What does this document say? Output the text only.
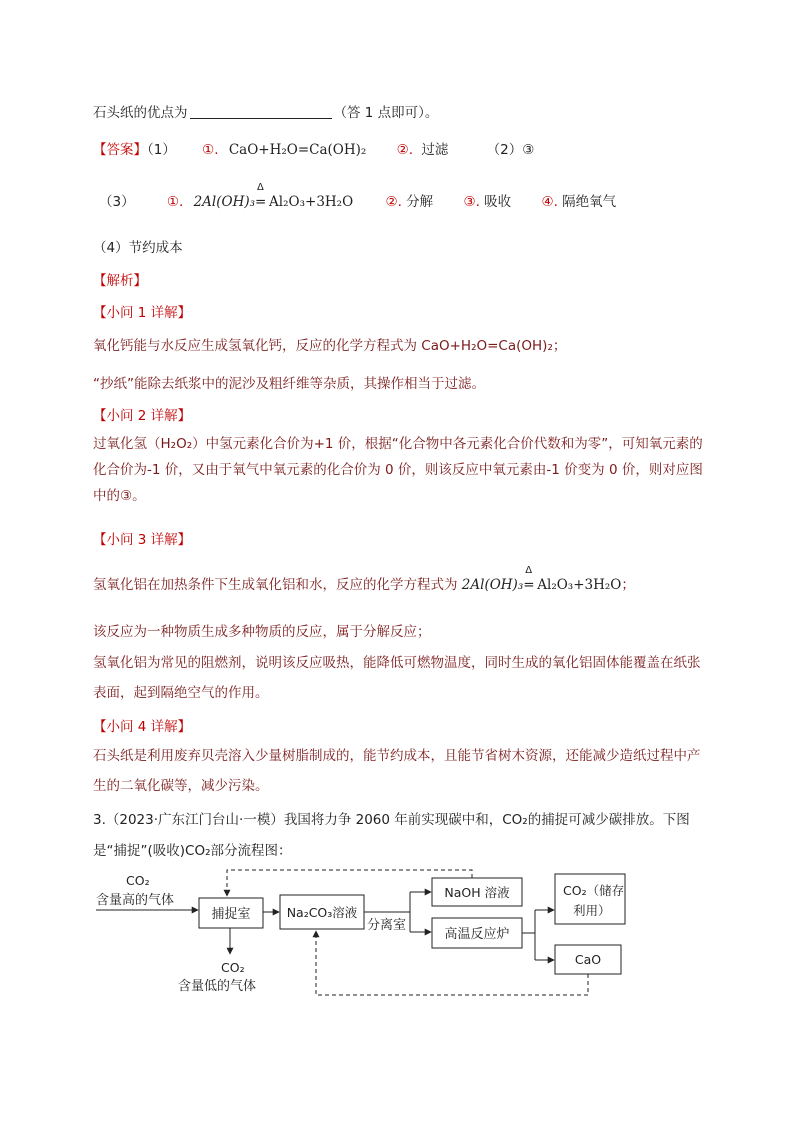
石头纸的优点为	（答 1 点即可）。
【答案】（1） ①. CaO+H₂O=Ca(OH)₂ ②. 过滤	（2）③
（3） ①. 2Al(OH)₃
Δ
= Al₂O₃+3H₂O ②. 分解 ③. 吸收 ④. 隔绝氧气
（4）节约成本
【解析】
【小问 1 详解】
氧化钙能与水反应生成氢氧化钙，反应的化学方程式为 CaO+H₂O=Ca(OH)₂；
“抄纸”能除去纸浆中的泥沙及粗纤维等杂质，其操作相当于过滤。
【小问 2 详解】
过氧化氢（H₂O₂）中氢元素化合价为+1 价，根据“化合物中各元素化合价代数和为零”，可知氧元素的化合价为-1 价，又由于氧气中氧元素的化合价为 0 价，则该反应中氧元素由-1 价变为 0 价，则对应图中的③。
【小问 3 详解】
氢氧化铝在加热条件下生成氧化铝和水，反应的化学方程式为 2Al(OH)₃
Δ
= Al₂O₃+3H₂O；
该反应为一种物质生成多种物质的反应，属于分解反应；
氢氧化铝为常见的阻燃剂，说明该反应吸热，能降低可燃物温度，同时生成的氧化铝固体能覆盖在纸张表面，起到隔绝空气的作用。
【小问 4 详解】
石头纸是利用废弃贝壳溶入少量树脂制成的，能节约成本，且能节省树木资源，还能减少造纸过程中产生的二氧化碳等，减少污染。
3.（2023·广东江门台山·一模）我国将力争 2060 年前实现碳中和，CO₂的捕捉可减少碳排放。下图是“捕捉”(吸收)CO₂部分流程图：
CO₂
含量高的气体
捕捉室	Na₂CO₃溶液
分离室
NaOH 溶液
高温反应炉
CO₂（储存
利用）
CaO
CO₂
含量低的气体
